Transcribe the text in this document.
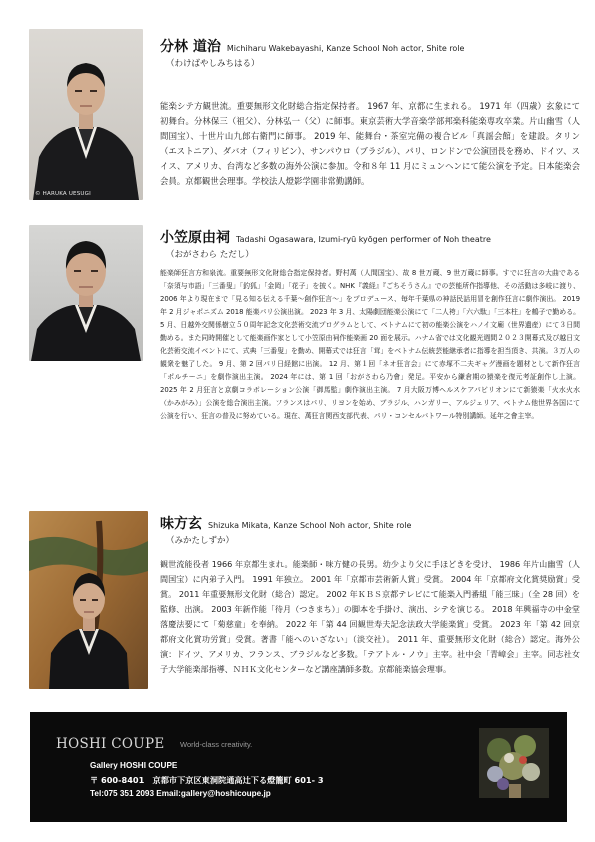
© HARUKA UESUGI
分林 道治 Michiharu Wakebayashi, Kanze School Noh actor, Shite role
（わけばやしみちはる）
能楽シテ方観世流。重要無形文化財総合指定保持者。 1967 年、京都に生まれる。 1971 年（四歳）玄象にて初舞台。分林保三（祖父）、分林弘一（父）に師事。東京芸術大学音楽学部邦楽科能楽専攻卒業。片山幽雪（人間国宝）、十世片山九郎右衛門に師事。 2019 年、能舞台・茶室完備の複合ビル「真謡会館」を建設。タリン（エストニア）、ダバオ（フィリピン）、サンパウロ（ブラジル）、パリ、ロンドンで公演団長を務め、ドイツ、スイス、アメリカ、台湾など多数の海外公演に参加。令和８年 11 月にミュンヘンにて能公演を予定。日本能楽会会員。京都観世会理事。学校法人燈影学園非常勤講師。
小笠原由祠 Tadashi Ogasawara, Izumi-ryū kyōgen performer of Noh theatre
（おがさわら ただし）
能楽師狂言方和泉流。重要無形文化財総合指定保持者。野村萬（人間国宝）、故 8 世万蔵、9 世万蔵に師事。すでに狂言の大曲である「奈須与市語」「三番叟」「釣狐」「金岡」「花子」を披く。NHK『義経』『ごちそうさん』での芸能所作指導他、その活動は多岐に渡り、 2006 年より現在まで「見る知る伝える千葉～創作狂言～」をプロデュース、毎年千葉県の神話民話用冒を創作狂言に劇作演出。 2019 年 2 月ジャポニズム 2018 能楽パリ公演出演。 2023 年 3 月、太陽劇団能楽公演にて「二人袴」「六六駄」「三本柱」を鶴子で勤める。 5 月、日越外交関係樹立５０周年記念文化芸術交流プログラムとして、ベトナムにて初の能楽公演をハノイ文廟（世界遺産）にて３日間勤める。また同時開催として能楽画作家として小笠原由祠作能楽画 20 面を展示。ハナム省では文化観光週間２０２３開幕式及び越日文化芸術交流イベントにて、式典「三番叟」を勤め、開幕式では狂言「茸」をベトナム伝統芸能継承者に指導を担当頂き、共演。３万人の観衆を魅了した。 9 月、第 2 回パリ日経館に出演。 12 月、第１回「ネオ狂言会」にて赤塚不二夫ギャグ漫画を題材として新作狂言「ポルチーニ」を劇作演出主演。 2024 年には、第 1 回「おがさわら乃會」発足。平安から鎌倉期の猿楽を復元考証創作し上演。 2025 年 2 月狂言と京劇コラボレーション公演「御馬監」劇作演出主演。 7 月大阪万博ヘルスケアパビリオンにて新猿楽「火水火水（かみがみ）」公演を総合演出主演。フランスはパリ、リヨンを始め、ブラジル、ハンガリー、アルジェリア、ベトナム他世界各国にて公演を行い、狂言の普及に努めている。現在、萬狂言関西支部代表、パリ・コンセルバトワール特別講師。延年之會主宰。
味方玄 Shizuka Mikata, Kanze School Noh actor, Shite role
（みかたしずか）
観世流能役者 1966 年京都生まれ。能楽師・味方健の長男。幼少より父に手ほどきを受け、 1986 年片山幽雪（人間国宝）に内弟子入門。 1991 年独立。 2001 年「京都市芸術新人賞」受賞。 2004 年「京都府文化賞奨励賞」受賞。 2011 年重要無形文化財（総合）認定。 2002 年ＫＢＳ京都テレビにて能楽入門番組「能三昧」（全 28 回）を監修、出演。 2003 年新作能「待月（つきまち）」の脚本を手掛け、演出、シテを演じる。 2018 年興福寺の中金堂落慶法要にて「菊慈童」を奉納。 2022 年「第 44 回観世寿夫記念法政大学能楽賞」受賞。 2023 年「第 42 回京都府文化賞功労賞」受賞。著書「能へのいざない」（淡交社）。 2011 年、重要無形文化財（総合）認定。海外公演：ドイツ、アメリカ、フランス、ブラジルなど多数。「テアトル・ノウ」主宰。社中会「青嶂会」主宰。同志社女子大学能楽部指導、ＮＨＫ文化センターなど講座講師多数。京都能楽協会理事。
HOSHI COUPE World-class creativity.
Gallery HOSHI COUPE
〒 600-8401　京都市下京区東洞院通高辻下る燈籠町 601- 3
Tel:075 351 2093 Email:gallery@hoshicoupe.jp
